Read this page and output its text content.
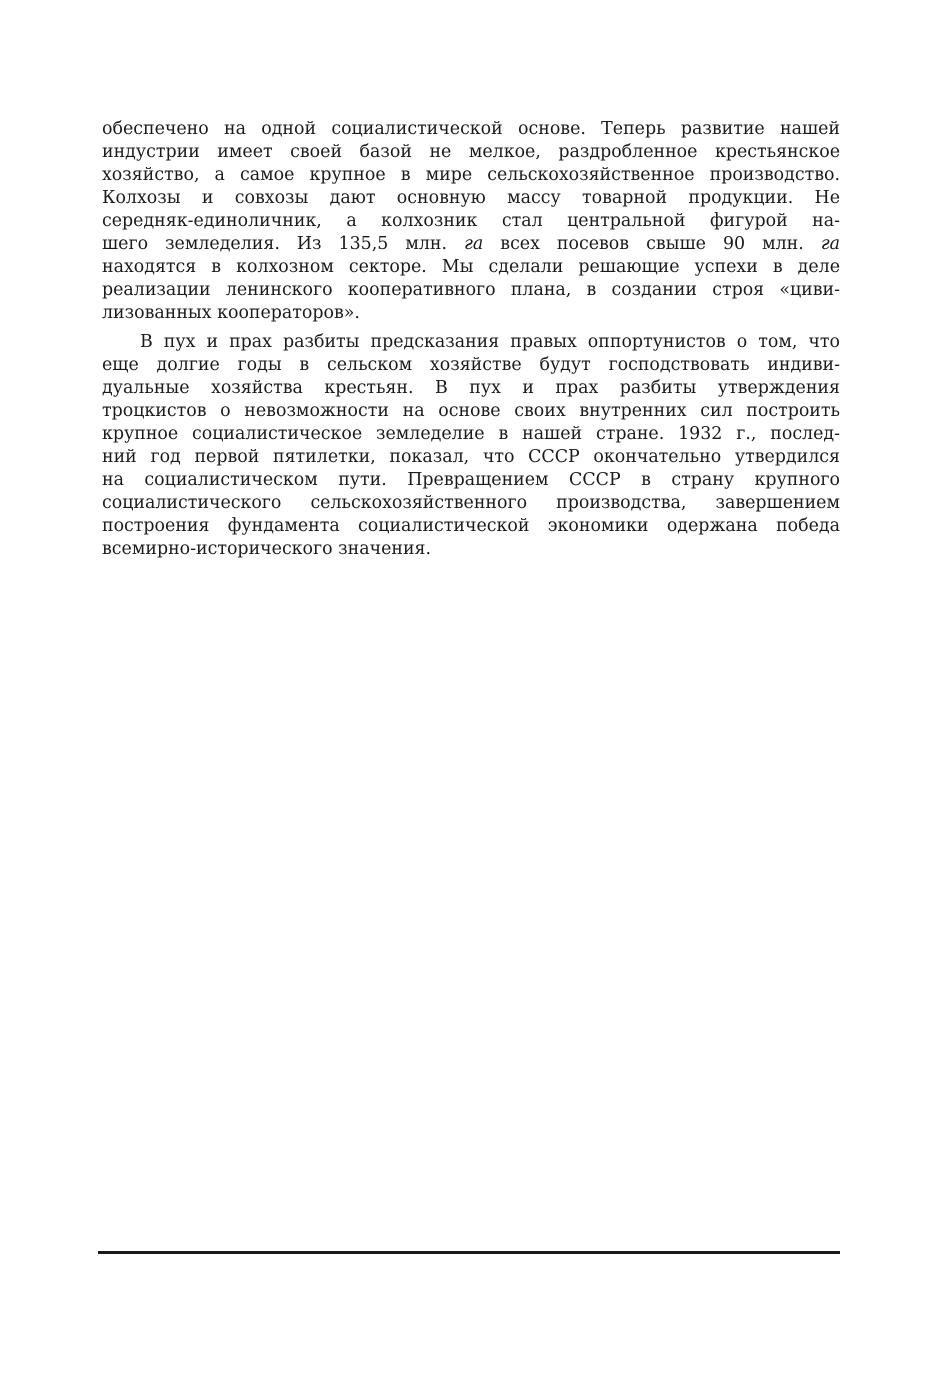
обеспечено на одной социалистической основе. Теперь развитие нашей
индустрии имеет своей базой не мелкое, раздробленное крестьянское
хозяйство, а самое крупное в мире сельскохозяйственное производство.
Колхозы и совхозы дают основную массу товарной продукции. Не
середняк-единоличник, а колхозник стал центральной фигурой на-
шего земледелия. Из 135,5 млн. га всех посевов свыше 90 млн. га
находятся в колхозном секторе. Мы сделали решающие успехи в деле
реализации ленинского кооперативного плана, в создании строя «циви-
лизованных кооператоров».
В пух и прах разбиты предсказания правых оппортунистов о том, что
еще долгие годы в сельском хозяйстве будут господствовать индиви-
дуальные хозяйства крестьян. В пух и прах разбиты утверждения
троцкистов о невозможности на основе своих внутренних сил построить
крупное социалистическое земледелие в нашей стране. 1932 г., послед-
ний год первой пятилетки, показал, что СССР окончательно утвердился
на социалистическом пути. Превращением СССР в страну крупного
социалистического сельскохозяйственного производства, завершением
построения фундамента социалистической экономики одержана победа
всемирно-исторического значения.
